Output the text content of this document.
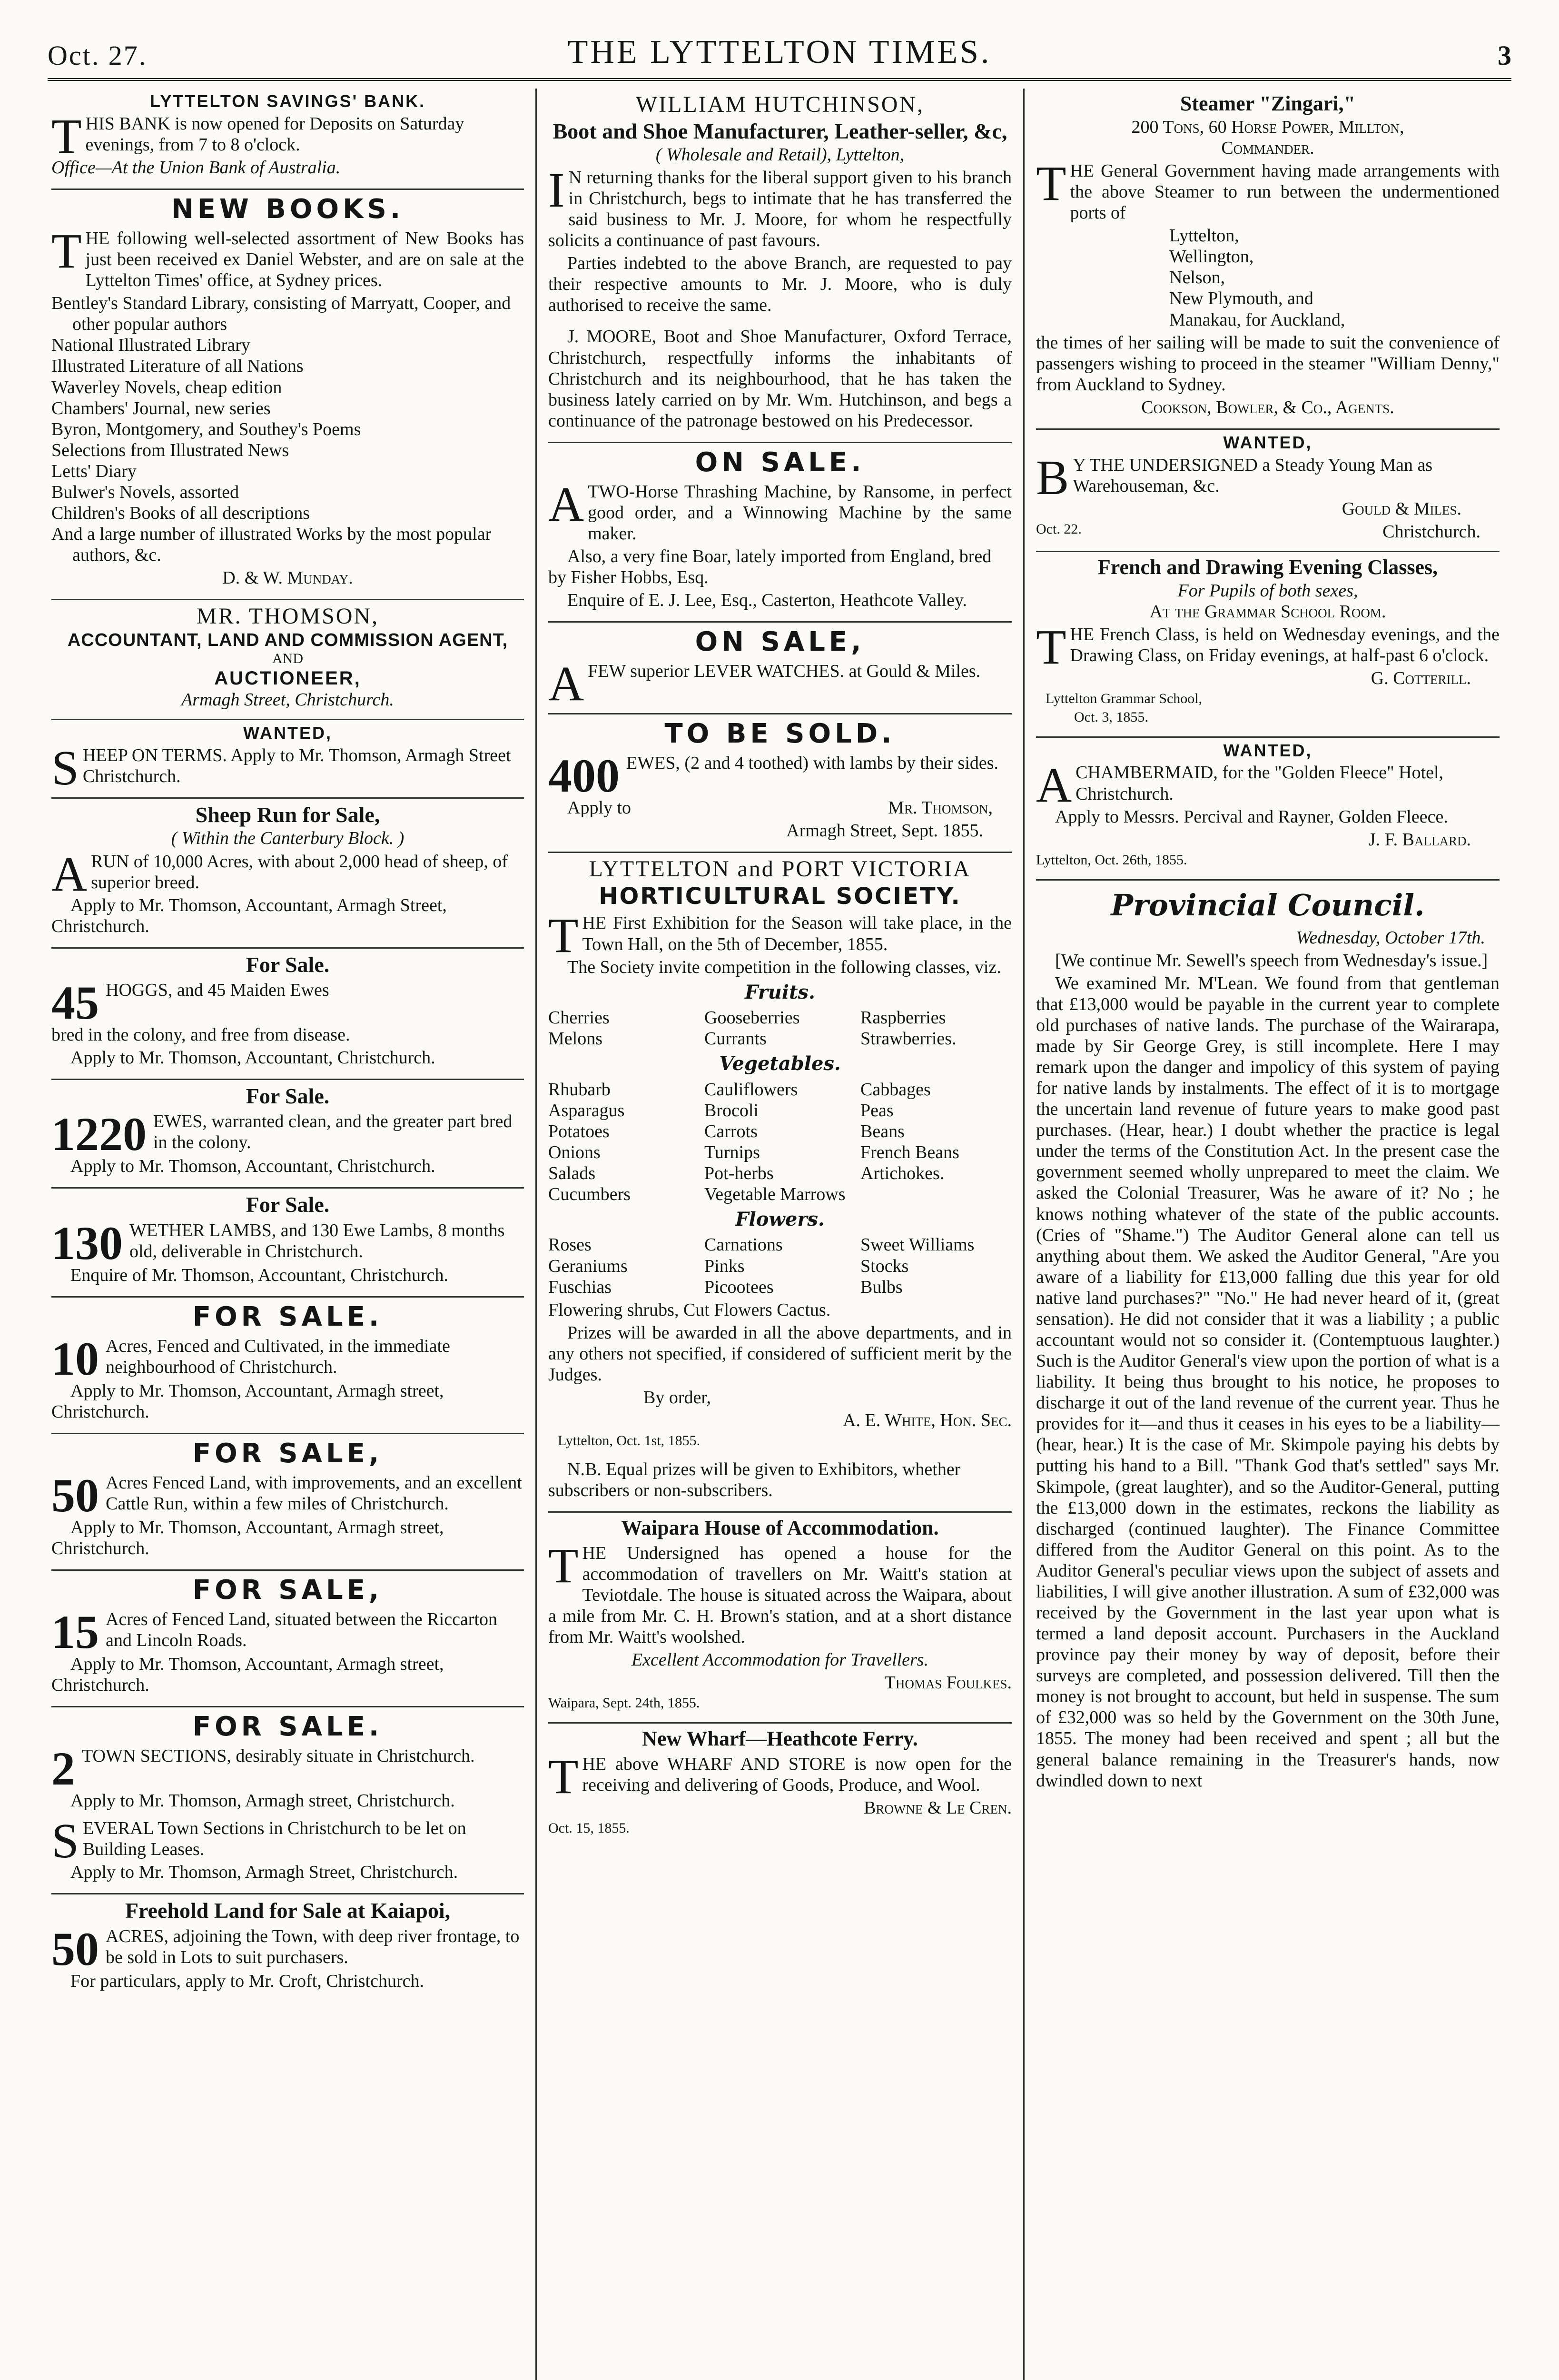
Oct. 27.	THE LYTTELTON TIMES.	3
LYTTELTON SAVINGS' BANK.

THIS BANK is now opened for Deposits on Saturday evenings, from 7 to 8 o'clock.

Office—At the Union Bank of Australia.

NEW BOOKS.

THE following well-selected assortment of New Books has just been received ex Daniel Webster, and are on sale at the Lyttelton Times' office, at Sydney prices.

Bentley's Standard Library, consisting of Marryatt, Cooper, and other popular authors

National Illustrated Library

Illustrated Literature of all Nations

Waverley Novels, cheap edition

Chambers' Journal, new series

Byron, Montgomery, and Southey's Poems

Selections from Illustrated News

Letts' Diary

Bulwer's Novels, assorted

Children's Books of all descriptions

And a large number of illustrated Works by the most popular authors, &c.

D. & W. Munday.

MR. THOMSON,
ACCOUNTANT, LAND AND COMMISSION AGENT,
AND
AUCTIONEER,
Armagh Street, Christchurch.
WANTED,

SHEEP ON TERMS. Apply to Mr. Thomson, Armagh Street Christchurch.

Sheep Run for Sale,
( Within the Canterbury Block. )

ARUN of 10,000 Acres, with about 2,000 head of sheep, of superior breed.

Apply to Mr. Thomson, Accountant, Armagh Street, Christchurch.

For Sale.

45 HOGGS, and 45 Maiden Ewes

bred in the colony, and free from disease.

Apply to Mr. Thomson, Accountant, Christchurch.

For Sale.

1220 EWES, warranted clean, and the greater part bred in the colony.

Apply to Mr. Thomson, Accountant, Christchurch.

For Sale.

130 WETHER LAMBS, and 130 Ewe Lambs, 8 months old, deliverable in Christchurch.

Enquire of Mr. Thomson, Accountant, Christchurch.

FOR SALE.

10 Acres, Fenced and Cultivated, in the immediate neighbourhood of Christchurch.

Apply to Mr. Thomson, Accountant, Armagh street, Christchurch.

FOR SALE,

50 Acres Fenced Land, with improvements, and an excellent Cattle Run, within a few miles of Christchurch.

Apply to Mr. Thomson, Accountant, Armagh street, Christchurch.

FOR SALE,

15 Acres of Fenced Land, situated between the Riccarton and Lincoln Roads.

Apply to Mr. Thomson, Accountant, Armagh street, Christchurch.

FOR SALE.

2 TOWN SECTIONS, desirably situate in Christchurch.

Apply to Mr. Thomson, Armagh street, Christchurch.

SEVERAL Town Sections in Christchurch to be let on Building Leases.

Apply to Mr. Thomson, Armagh Street, Christchurch.

Freehold Land for Sale at Kaiapoi,

50 ACRES, adjoining the Town, with deep river frontage, to be sold in Lots to suit purchasers.

For particulars, apply to Mr. Croft, Christchurch.

WILLIAM HUTCHINSON,
Boot and Shoe Manufacturer, Leather-seller, &c,
( Wholesale and Retail), Lyttelton,

I N returning thanks for the liberal support given to his branch in Christchurch, begs to intimate that he has transferred the said business to Mr. J. Moore, for whom he respectfully solicits a continuance of past favours.

Parties indebted to the above Branch, are requested to pay their respective amounts to Mr. J. Moore, who is duly authorised to receive the same.

J. MOORE, Boot and Shoe Manufacturer, Oxford Terrace, Christchurch, respectfully informs the inhabitants of Christchurch and its neighbourhood, that he has taken the business lately carried on by Mr. Wm. Hutchinson, and begs a continuance of the patronage bestowed on his Predecessor.

ON SALE.

ATWO-Horse Thrashing Machine, by Ransome, in perfect good order, and a Winnowing Machine by the same maker.

Also, a very fine Boar, lately imported from England, bred by Fisher Hobbs, Esq.

Enquire of E. J. Lee, Esq., Casterton, Heathcote Valley.

ON SALE,

AFEW superior LEVER WATCHES. at Gould & Miles.

TO BE SOLD.

400 EWES, (2 and 4 toothed) with lambs by their sides.

Apply to	Mr. Thomson,

Armagh Street, Sept. 1855.

LYTTELTON and PORT VICTORIA
HORTICULTURAL SOCIETY.

THE First Exhibition for the Season will take place, in the Town Hall, on the 5th of December, 1855.

The Society invite competition in the following classes, viz.

Fruits.
Cherries	Gooseberries	Raspberries
Melons	Currants	Strawberries.
Vegetables.
Rhubarb	Cauliflowers	Cabbages
Asparagus	Brocoli	Peas
Potatoes	Carrots	Beans
Onions	Turnips	French Beans
Salads	Pot-herbs	Artichokes.
Cucumbers	Vegetable Marrows
Flowers.
Roses	Carnations	Sweet Williams
Geraniums	Pinks	Stocks
Fuschias	Picootees	Bulbs

Flowering shrubs, Cut Flowers Cactus.

Prizes will be awarded in all the above departments, and in any others not specified, if considered of sufficient merit by the Judges.

By order,

A. E. White, Hon. Sec.

Lyttelton, Oct. 1st, 1855.

N.B. Equal prizes will be given to Exhibitors, whether subscribers or non-subscribers.

Waipara House of Accommodation.

THE Undersigned has opened a house for the accommodation of travellers on Mr. Waitt's station at Teviotdale. The house is situated across the Waipara, about a mile from Mr. C. H. Brown's station, and at a short distance from Mr. Waitt's woolshed.

Excellent Accommodation for Travellers.

Thomas Foulkes.

Waipara, Sept. 24th, 1855.

New Wharf—Heathcote Ferry.

THE above WHARF AND STORE is now open for the receiving and delivering of Goods, Produce, and Wool.

Browne & Le Cren.

Oct. 15, 1855.

Steamer "Zingari,"
200 Tons, 60 Horse Power, Millton,
Commander.

THE General Government having made arrangements with the above Steamer to run between the undermentioned ports of

Lyttelton,

Wellington,

Nelson,

New Plymouth, and

Manakau, for Auckland,

the times of her sailing will be made to suit the convenience of passengers wishing to proceed in the steamer "William Denny," from Auckland to Sydney.

Cookson, Bowler, & Co., Agents.

WANTED,

B Y THE UNDERSIGNED a Steady Young Man as Warehouseman, &c.

Gould & Miles.

Oct. 22.	Christchurch.
French and Drawing Evening Classes,
For Pupils of both sexes,
At the Grammar School Room.

THE French Class, is held on Wednesday evenings, and the Drawing Class, on Friday evenings, at half-past 6 o'clock.

G. Cotterill.

Lyttelton Grammar School,

Oct. 3, 1855.

WANTED,

ACHAMBERMAID, for the "Golden Fleece" Hotel, Christchurch.

Apply to Messrs. Percival and Rayner, Golden Fleece.

J. F. Ballard.

Lyttelton, Oct. 26th, 1855.

Provincial Council.

Wednesday, October 17th.

[We continue Mr. Sewell's speech from Wednesday's issue.]

We examined Mr. M'Lean. We found from that gentleman that £13,000 would be payable in the current year to complete old purchases of native lands. The purchase of the Wairarapa, made by Sir George Grey, is still incomplete. Here I may remark upon the danger and impolicy of this system of paying for native lands by instalments. The effect of it is to mortgage the uncertain land revenue of future years to make good past purchases. (Hear, hear.) I doubt whether the practice is legal under the terms of the Constitution Act. In the present case the government seemed wholly unprepared to meet the claim. We asked the Colonial Treasurer, Was he aware of it? No ; he knows nothing whatever of the state of the public accounts. (Cries of "Shame.") The Auditor General alone can tell us anything about them. We asked the Auditor General, "Are you aware of a liability for £13,000 falling due this year for old native land purchases?" "No." He had never heard of it, (great sensation). He did not consider that it was a liability ; a public accountant would not so consider it. (Contemptuous laughter.) Such is the Auditor General's view upon the portion of what is a liability. It being thus brought to his notice, he proposes to discharge it out of the land revenue of the current year. Thus he provides for it—and thus it ceases in his eyes to be a liability—(hear, hear.) It is the case of Mr. Skimpole paying his debts by putting his hand to a Bill. "Thank God that's settled" says Mr. Skimpole, (great laughter), and so the Auditor-General, putting the £13,000 down in the estimates, reckons the liability as discharged (continued laughter). The Finance Committee differed from the Auditor General on this point. As to the Auditor General's peculiar views upon the subject of assets and liabilities, I will give another illustration. A sum of £32,000 was received by the Government in the last year upon what is termed a land deposit account. Purchasers in the Auckland province pay their money by way of deposit, before their surveys are completed, and possession delivered. Till then the money is not brought to account, but held in suspense. The sum of £32,000 was so held by the Government on the 30th June, 1855. The money had been received and spent ; all but the general balance remaining in the Treasurer's hands, now dwindled down to next
